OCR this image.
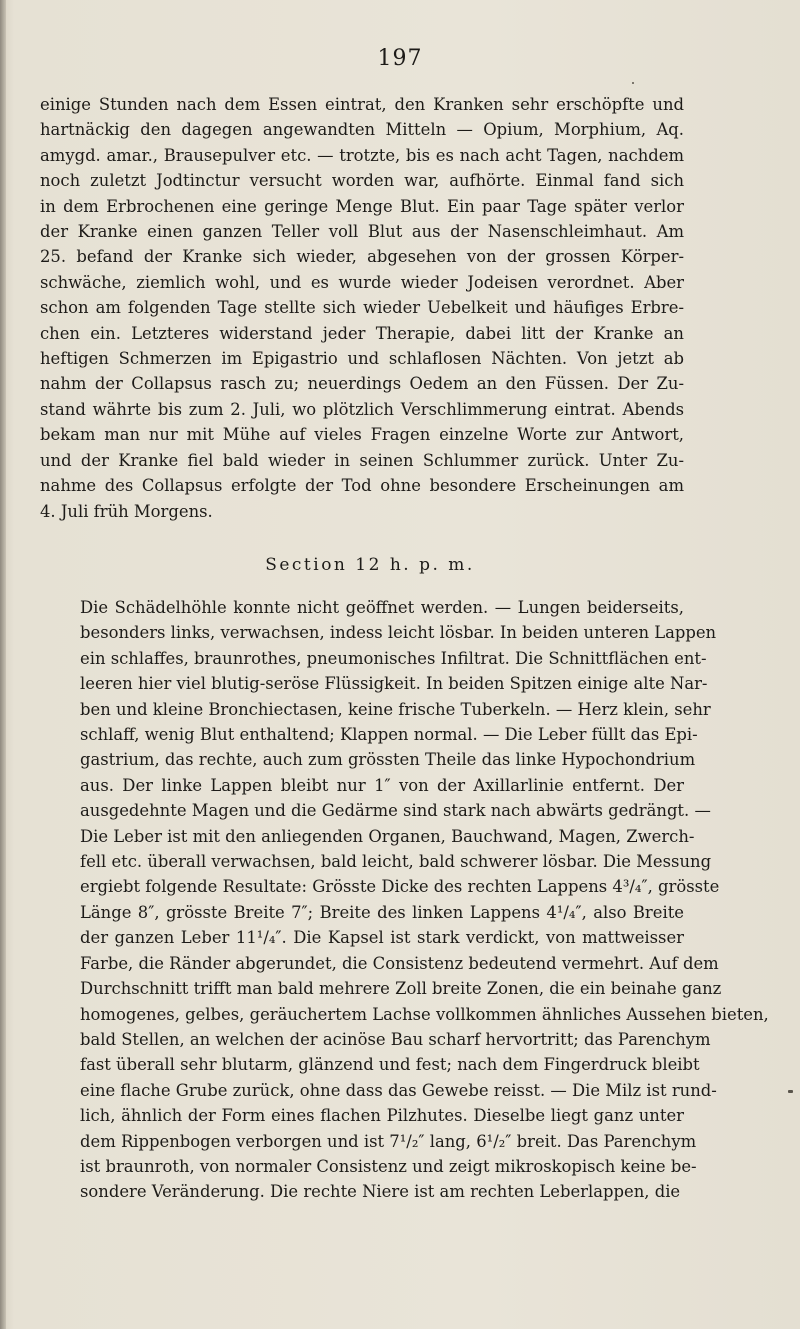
197
einige Stunden nach dem Essen eintrat, den Kranken sehr erschöpfte und
hartnäckig den dagegen angewandten Mitteln — Opium, Morphium, Aq.
amygd. amar., Brausepulver etc. — trotzte, bis es nach acht Tagen, nachdem
noch zuletzt Jodtinctur versucht worden war, aufhörte. Einmal fand sich
in dem Erbrochenen eine geringe Menge Blut. Ein paar Tage später verlor
der Kranke einen ganzen Teller voll Blut aus der Nasenschleimhaut. Am
25. befand der Kranke sich wieder, abgesehen von der grossen Körper-
schwäche, ziemlich wohl, und es wurde wieder Jodeisen verordnet. Aber
schon am folgenden Tage stellte sich wieder Uebelkeit und häufiges Erbre-
chen ein. Letzteres widerstand jeder Therapie, dabei litt der Kranke an
heftigen Schmerzen im Epigastrio und schlaflosen Nächten. Von jetzt ab
nahm der Collapsus rasch zu; neuerdings Oedem an den Füssen. Der Zu-
stand währte bis zum 2. Juli, wo plötzlich Verschlimmerung eintrat. Abends
bekam man nur mit Mühe auf vieles Fragen einzelne Worte zur Antwort,
und der Kranke fiel bald wieder in seinen Schlummer zurück. Unter Zu-
nahme des Collapsus erfolgte der Tod ohne besondere Erscheinungen am
4. Juli früh Morgens.
Section 12 h. p. m.
Die Schädelhöhle konnte nicht geöffnet werden. — Lungen beiderseits,
besonders links, verwachsen, indess leicht lösbar. In beiden unteren Lappen
ein schlaffes, braunrothes, pneumonisches Infiltrat. Die Schnittflächen ent-
leeren hier viel blutig-seröse Flüssigkeit. In beiden Spitzen einige alte Nar-
ben und kleine Bronchiectasen, keine frische Tuberkeln. — Herz klein, sehr
schlaff, wenig Blut enthaltend; Klappen normal. — Die Leber füllt das Epi-
gastrium, das rechte, auch zum grössten Theile das linke Hypochondrium
aus. Der linke Lappen bleibt nur 1″ von der Axillarlinie entfernt. Der
ausgedehnte Magen und die Gedärme sind stark nach abwärts gedrängt. —
Die Leber ist mit den anliegenden Organen, Bauchwand, Magen, Zwerch-
fell etc. überall verwachsen, bald leicht, bald schwerer lösbar. Die Messung
ergiebt folgende Resultate: Grösste Dicke des rechten Lappens 4³/₄″, grösste
Länge 8″, grösste Breite 7″; Breite des linken Lappens 4¹/₄″, also Breite
der ganzen Leber 11¹/₄″. Die Kapsel ist stark verdickt, von mattweisser
Farbe, die Ränder abgerundet, die Consistenz bedeutend vermehrt. Auf dem
Durchschnitt trifft man bald mehrere Zoll breite Zonen, die ein beinahe ganz
homogenes, gelbes, geräuchertem Lachse vollkommen ähnliches Aussehen bieten,
bald Stellen, an welchen der acinöse Bau scharf hervortritt; das Parenchym
fast überall sehr blutarm, glänzend und fest; nach dem Fingerdruck bleibt
eine flache Grube zurück, ohne dass das Gewebe reisst. — Die Milz ist rund-
lich, ähnlich der Form eines flachen Pilzhutes. Dieselbe liegt ganz unter
dem Rippenbogen verborgen und ist 7¹/₂″ lang, 6¹/₂″ breit. Das Parenchym
ist braunroth, von normaler Consistenz und zeigt mikroskopisch keine be-
sondere Veränderung. Die rechte Niere ist am rechten Leberlappen, die
